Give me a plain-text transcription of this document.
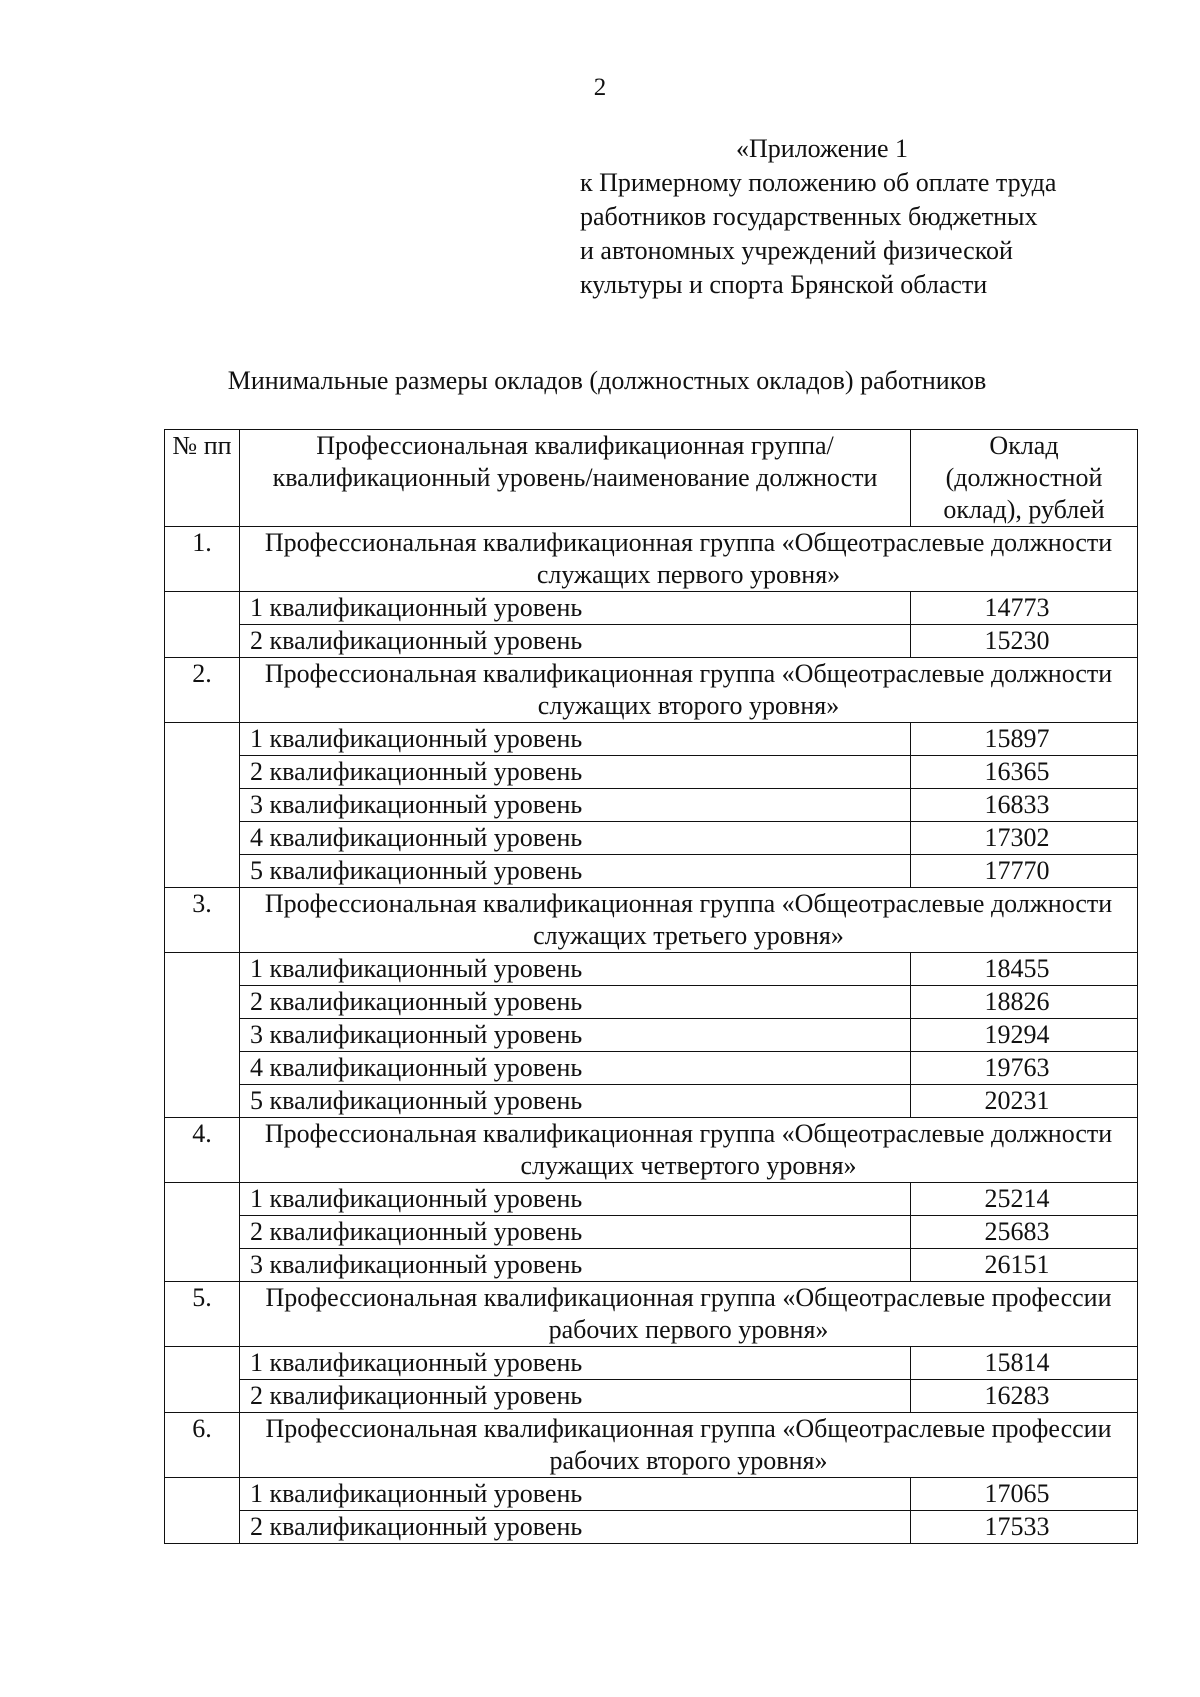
2
«Приложение 1
к Примерному положению об оплате труда
работников государственных бюджетных
и автономных учреждений физической
культуры и спорта Брянской области
Минимальные размеры окладов (должностных окладов) работников
№ пп	Профессиональная квалификационная группа/квалификационный уровень/наименование должности	Оклад (должностной оклад), рублей
1.	Профессиональная квалификационная группа «Общеотраслевые должности служащих первого уровня»	
	1 квалификационный уровень	14773
	2 квалификационный уровень	15230
2.	Профессиональная квалификационная группа «Общеотраслевые должности служащих второго уровня»	
	1 квалификационный уровень	15897
	2 квалификационный уровень	16365
	3 квалификационный уровень	16833
	4 квалификационный уровень	17302
	5 квалификационный уровень	17770
3.	Профессиональная квалификационная группа «Общеотраслевые должности служащих третьего уровня»	
	1 квалификационный уровень	18455
	2 квалификационный уровень	18826
	3 квалификационный уровень	19294
	4 квалификационный уровень	19763
	5 квалификационный уровень	20231
4.	Профессиональная квалификационная группа «Общеотраслевые должности служащих четвертого уровня»	
	1 квалификационный уровень	25214
	2 квалификационный уровень	25683
	3 квалификационный уровень	26151
5.	Профессиональная квалификационная группа «Общеотраслевые профессии рабочих первого уровня»	
	1 квалификационный уровень	15814
	2 квалификационный уровень	16283
6.	Профессиональная квалификационная группа «Общеотраслевые профессии рабочих второго уровня»	
	1 квалификационный уровень	17065
	2 квалификационный уровень	17533
